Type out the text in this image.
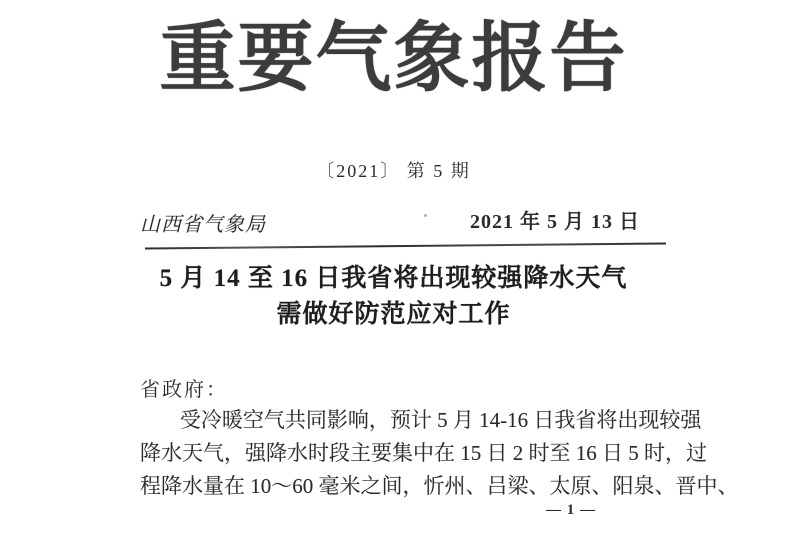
重要气象报告
〔2021〕 第 5 期
山西省气象局	2021 年 5 月 13 日
5 月 14 至 16 日我省将出现较强降水天气
需做好防范应对工作
省政府：
受冷暖空气共同影响，预计 5 月 14-16 日我省将出现较强
降水天气，强降水时段主要集中在 15 日 2 时至 16 日 5 时，过
程降水量在 10～60 毫米之间，忻州、吕梁、太原、阳泉、晋中、
— 1 —
